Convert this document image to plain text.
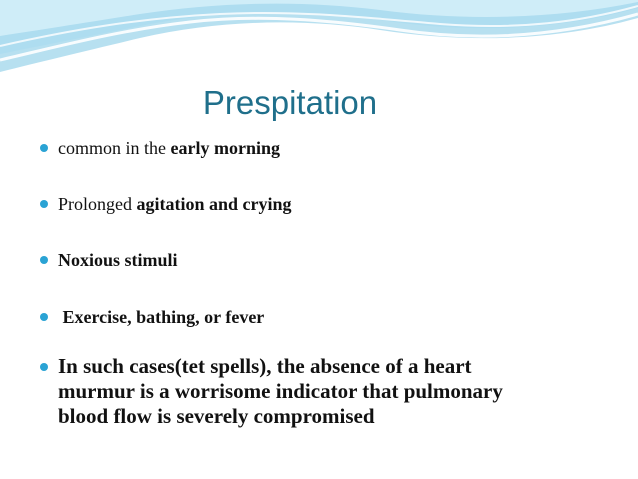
Prespitation
common in the early morning
Prolonged agitation and crying
Noxious stimuli
Exercise, bathing, or fever
In such cases(tet spells), the absence of a heart
murmur is a worrisome indicator that pulmonary
blood flow is severely compromised
